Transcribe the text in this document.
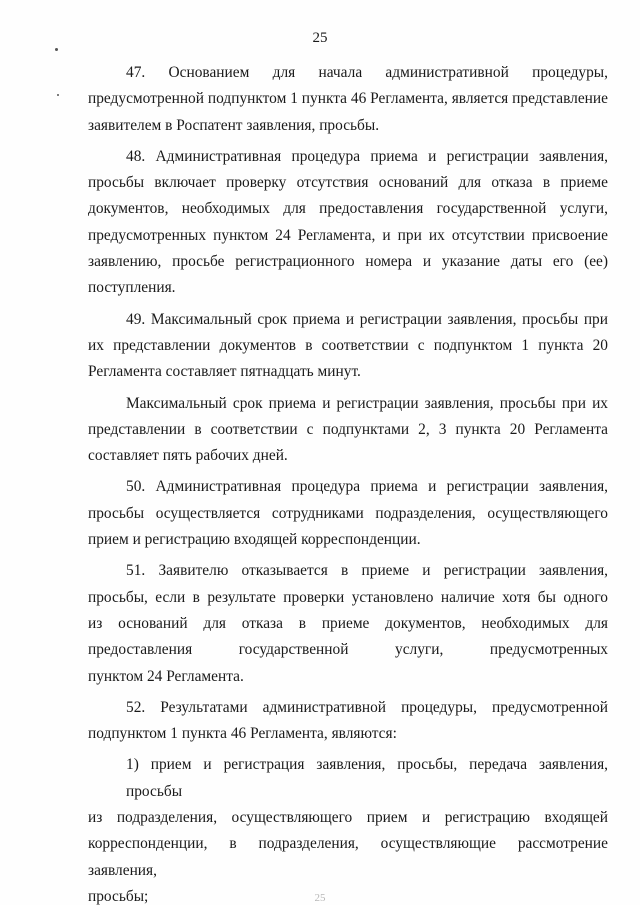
25
47. Основанием для начала административной процедуры,
предусмотренной подпунктом 1 пункта 46 Регламента, является представление
заявителем в Роспатент заявления, просьбы.
48. Административная процедура приема и регистрации заявления,
просьбы включает проверку отсутствия оснований для отказа в приеме
документов, необходимых для предоставления государственной услуги,
предусмотренных пунктом 24 Регламента, и при их отсутствии присвоение
заявлению, просьбе регистрационного номера и указание даты его (ее)
поступления.
49. Максимальный срок приема и регистрации заявления, просьбы при
их представлении документов в соответствии с подпунктом 1 пункта 20
Регламента составляет пятнадцать минут.
Максимальный срок приема и регистрации заявления, просьбы при их
представлении в соответствии с подпунктами 2, 3 пункта 20 Регламента
составляет пять рабочих дней.
50. Административная процедура приема и регистрации заявления,
просьбы осуществляется сотрудниками подразделения, осуществляющего
прием и регистрацию входящей корреспонденции.
51. Заявителю отказывается в приеме и регистрации заявления,
просьбы, если в результате проверки установлено наличие хотя бы одного
из оснований для отказа в приеме документов, необходимых для
предоставления государственной услуги, предусмотренных
пунктом 24 Регламента.
52. Результатами административной процедуры, предусмотренной
подпунктом 1 пункта 46 Регламента, являются:
1) прием и регистрация заявления, просьбы, передача заявления, просьбы
из подразделения, осуществляющего прием и регистрацию входящей
корреспонденции, в подразделения, осуществляющие рассмотрение заявления,
просьбы;	25
